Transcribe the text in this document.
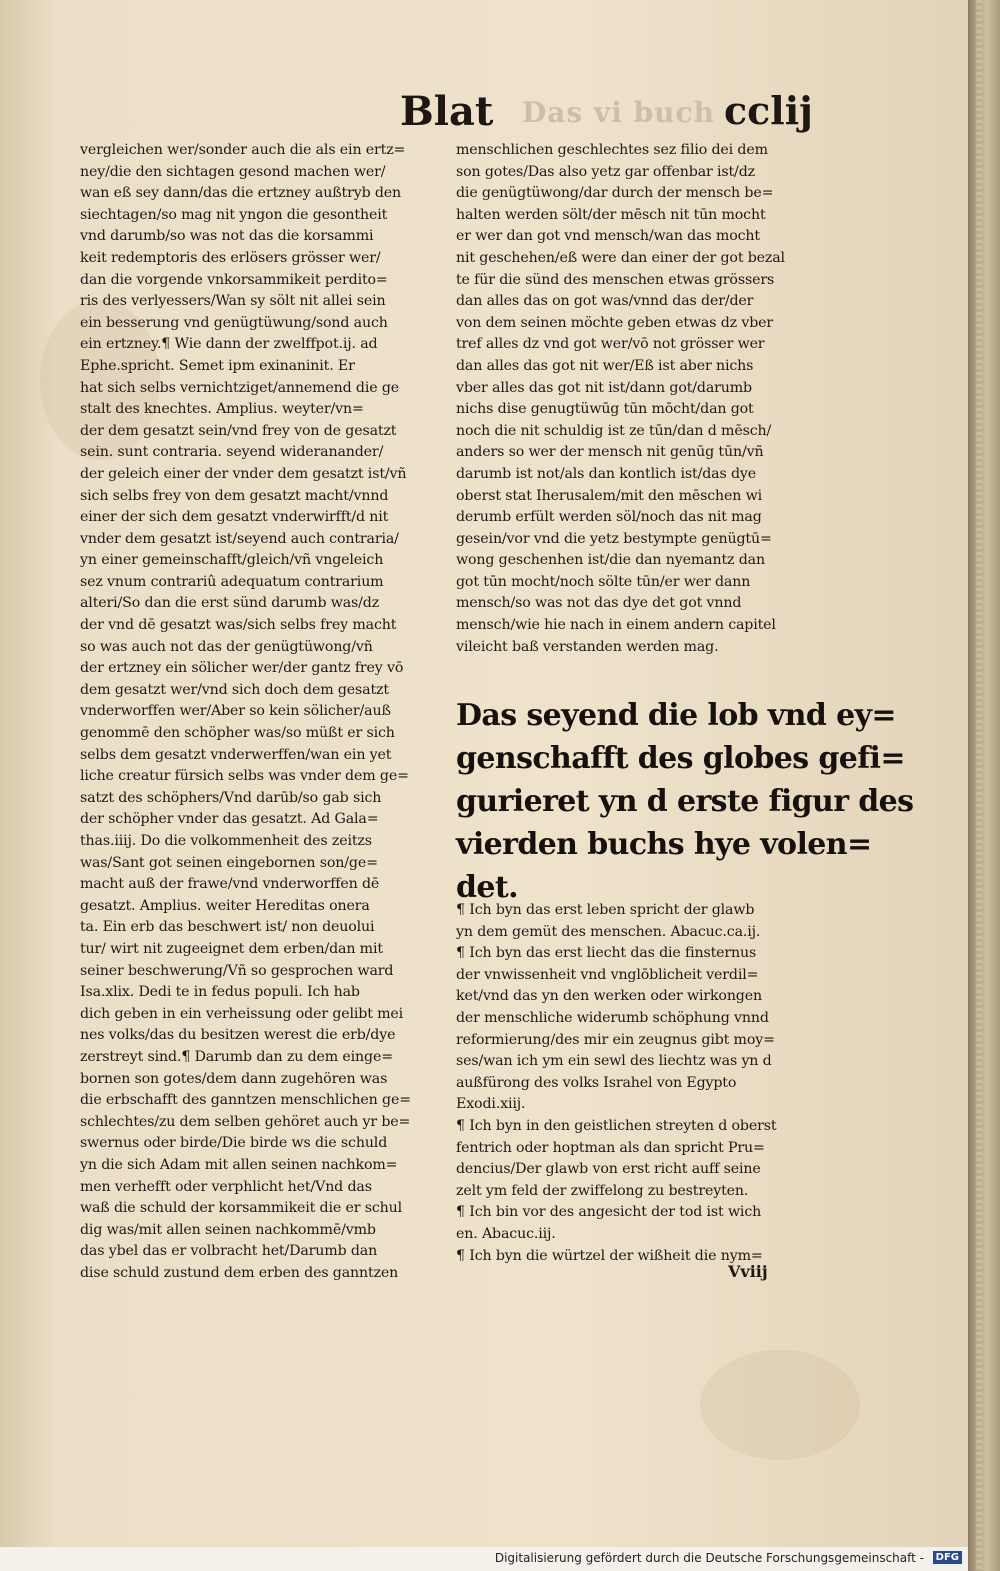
Blat Das vi buch cclij
vergleichen wer/sonder auch die als ein ertz=
ney/die den sichtagen gesond machen wer/
wan eß sey dann/das die ertzney außtryb den
siechtagen/so mag nit yngon die gesontheit
vnd darumb/so was not das die korsammi
keit redemptoris des erlösers grösser wer/
dan die vorgende vnkorsammikeit perdito=
ris des verlyessers/Wan sy sölt nit allei sein
ein besserung vnd genügtüwung/sond auch
ein ertzney.¶ Wie dann der zwelffpot.ij. ad
Ephe.spricht. Semet ipm exinaninit. Er
hat sich selbs vernichtziget/annemend die ge
stalt des knechtes. Amplius. weyter/vn=
der dem gesatzt sein/vnd frey von de gesatzt
sein. sunt contraria. seyend wideranander/
der geleich einer der vnder dem gesatzt ist/vñ
sich selbs frey von dem gesatzt macht/vnnd
einer der sich dem gesatzt vnderwirfft/d nit
vnder dem gesatzt ist/seyend auch contraria/
yn einer gemeinschafft/gleich/vñ vngeleich
sez vnum contrariû adequatum contrarium
alteri/So dan die erst sünd darumb was/dz
der vnd dē gesatzt was/sich selbs frey macht
so was auch not das der genügtüwong/vñ
der ertzney ein sölicher wer/der gantz frey vō
dem gesatzt wer/vnd sich doch dem gesatzt
vnderworffen wer/Aber so kein sölicher/auß
genommē den schöpher was/so müßt er sich
selbs dem gesatzt vnderwerffen/wan ein yet
liche creatur fürsich selbs was vnder dem ge=
satzt des schöphers/Vnd darūb/so gab sich
der schöpher vnder das gesatzt. Ad Gala=
thas.iiij. Do die volkommenheit des zeitzs
was/Sant got seinen eingebornen son/ge=
macht auß der frawe/vnd vnderworffen dē
gesatzt. Amplius. weiter Hereditas onera
ta. Ein erb das beschwert ist/ non deuolui
tur/ wirt nit zugeeignet dem erben/dan mit
seiner beschwerung/Vñ so gesprochen ward
Isa.xlix. Dedi te in fedus populi. Ich hab
dich geben in ein verheissung oder gelibt mei
nes volks/das du besitzen werest die erb/dye
zerstreyt sind.¶ Darumb dan zu dem einge=
bornen son gotes/dem dann zugehören was
die erbschafft des ganntzen menschlichen ge=
schlechtes/zu dem selben gehöret auch yr be=
swernus oder birde/Die birde ws die schuld
yn die sich Adam mit allen seinen nachkom=
men verhefft oder verphlicht het/Vnd das
waß die schuld der korsammikeit die er schul
dig was/mit allen seinen nachkommē/vmb
das ybel das er volbracht het/Darumb dan
dise schuld zustund dem erben des ganntzen
menschlichen geschlechtes sez filio dei dem
son gotes/Das also yetz gar offenbar ist/dz
die genügtüwong/dar durch der mensch be=
halten werden sölt/der mēsch nit tūn mocht
er wer dan got vnd mensch/wan das mocht
nit geschehen/eß were dan einer der got bezal
te für die sünd des menschen etwas grössers
dan alles das on got was/vnnd das der/der
von dem seinen möchte geben etwas dz vber
tref alles dz vnd got wer/vō not grösser wer
dan alles das got nit wer/Eß ist aber nichs
vber alles das got nit ist/dann got/darumb
nichs dise genugtüwūg tūn mōcht/dan got
noch die nit schuldig ist ze tūn/dan d mēsch/
anders so wer der mensch nit genūg tūn/vñ
darumb ist not/als dan kontlich ist/das dye
oberst stat Iherusalem/mit den mēschen wi
derumb erfült werden söl/noch das nit mag
gesein/vor vnd die yetz bestympte genügtū=
wong geschenhen ist/die dan nyemantz dan
got tūn mocht/noch sölte tūn/er wer dann
mensch/so was not das dye det got vnnd
mensch/wie hie nach in einem andern capitel
vileicht baß verstanden werden mag.
Das seyend die lob vnd ey=
genschafft des globes gefi=
gurieret yn d erste figur des
vierden buchs hye volen=
det.
¶ Ich byn das erst leben spricht der glawb
yn dem gemüt des menschen. Abacuc.ca.ij.
¶ Ich byn das erst liecht das die finsternus
der vnwissenheit vnd vnglōblicheit verdil=
ket/vnd das yn den werken oder wirkongen
der menschliche widerumb schöphung vnnd
reformierung/des mir ein zeugnus gibt moy=
ses/wan ich ym ein sewl des liechtz was yn d
außfürong des volks Israhel von Egypto
Exodi.xiij.
¶ Ich byn in den geistlichen streyten d oberst
fentrich oder hoptman als dan spricht Pru=
dencius/Der glawb von erst richt auff seine
zelt ym feld der zwiffelong zu bestreyten.
¶ Ich bin vor des angesicht der tod ist wich
en. Abacuc.iij.
¶ Ich byn die würtzel der wißheit die nym=
Vviij
Digitalisierung gefördert durch die Deutsche Forschungsgemeinschaft -	DFG
